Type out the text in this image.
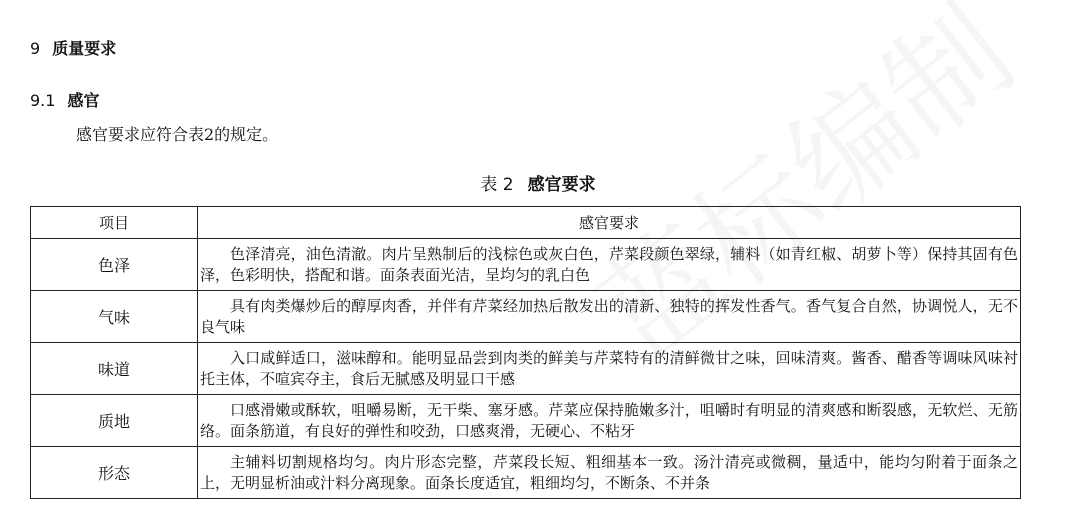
9 质量要求
9.1 感官
感官要求应符合表2的规定。
表 2 感官要求
项目	感官要求
色泽	色泽清亮，油色清澈。肉片呈熟制后的浅棕色或灰白色，芹菜段颜色翠绿，辅料（如青红椒、胡萝卜等）保持其固有色泽，色彩明快，搭配和谐。面条表面光洁，呈均匀的乳白色
气味	具有肉类爆炒后的醇厚肉香，并伴有芹菜经加热后散发出的清新、独特的挥发性香气。香气复合自然，协调悦人，无不良气味
味道	入口咸鲜适口，滋味醇和。能明显品尝到肉类的鲜美与芹菜特有的清鲜微甘之味，回味清爽。酱香、醋香等调味风味衬托主体，不喧宾夺主，食后无腻感及明显口干感
质地	口感滑嫩或酥软，咀嚼易断，无干柴、塞牙感。芹菜应保持脆嫩多汁，咀嚼时有明显的清爽感和断裂感，无软烂、无筋络。面条筋道，有良好的弹性和咬劲，口感爽滑，无硬心、不粘牙
形态	主辅料切割规格均匀。肉片形态完整，芹菜段长短、粗细基本一致。汤汁清亮或微稠，量适中，能均匀附着于面条之上，无明显析油或汁料分离现象。面条长度适宜，粗细均匀，不断条、不并条
